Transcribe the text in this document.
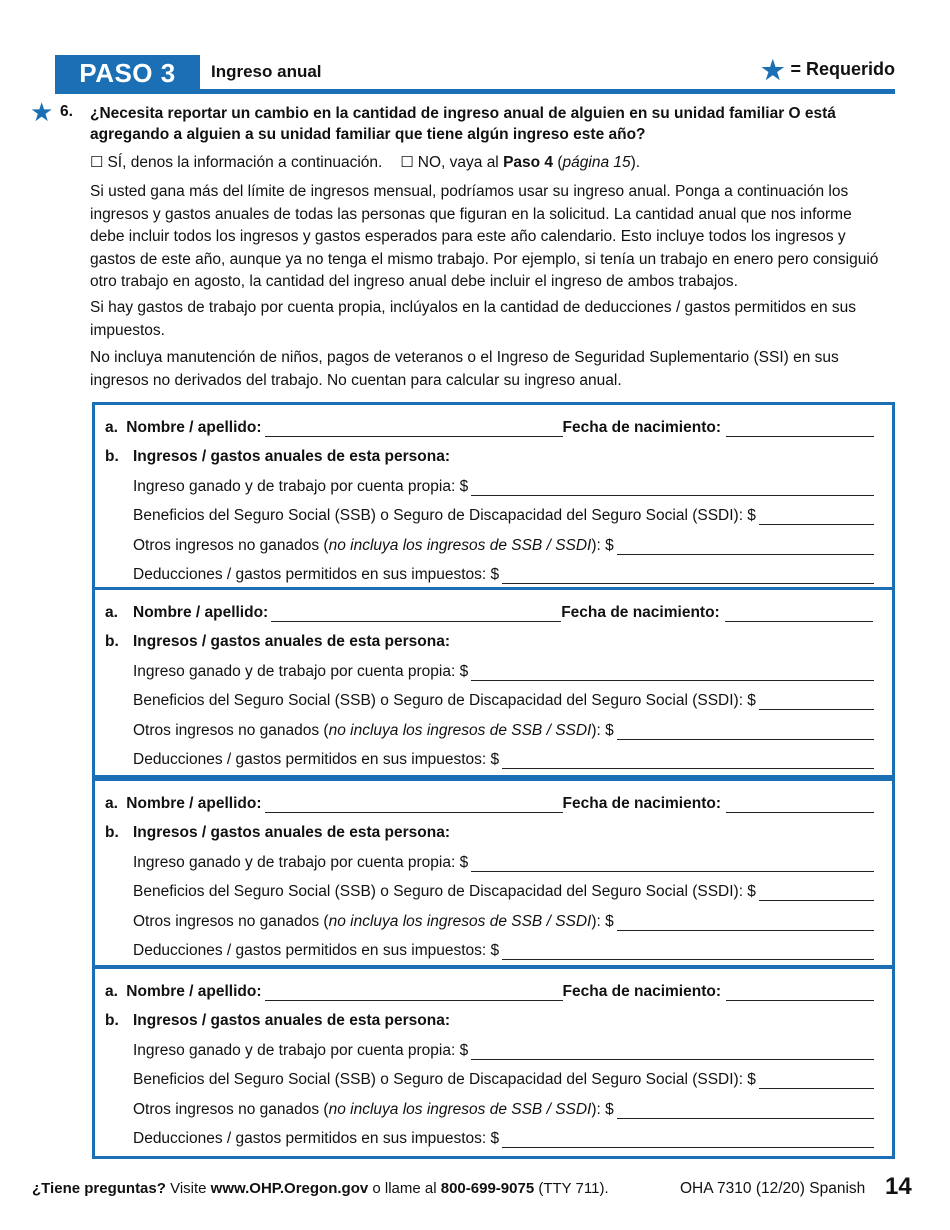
PASO 3	Ingreso anual	★ = Requerido
★ 6. ¿Necesita reportar un cambio en la cantidad de ingreso anual de alguien en su unidad familiar O está agregando a alguien a su unidad familiar que tiene algún ingreso este año?
☐ SÍ, denos la información a continuación. ☐ NO, vaya al Paso 4 (página 15).
Si usted gana más del límite de ingresos mensual, podríamos usar su ingreso anual. Ponga a continuación los ingresos y gastos anuales de todas las personas que figuran en la solicitud. La cantidad anual que nos informe debe incluir todos los ingresos y gastos esperados para este año calendario. Esto incluye todos los ingresos y gastos de este año, aunque ya no tenga el mismo trabajo. Por ejemplo, si tenía un trabajo en enero pero consiguió otro trabajo en agosto, la cantidad del ingreso anual debe incluir el ingreso de ambos trabajos.
Si hay gastos de trabajo por cuenta propia, inclúyalos en la cantidad de deducciones / gastos permitidos en sus impuestos.
No incluya manutención de niños, pagos de veteranos o el Ingreso de Seguridad Suplementario (SSI) en sus ingresos no derivados del trabajo. No cuentan para calcular su ingreso anual.
a. Nombre / apellido:	Fecha de nacimiento:
b. Ingresos / gastos anuales de esta persona:
Ingreso ganado y de trabajo por cuenta propia: $
Beneficios del Seguro Social (SSB) o Seguro de Discapacidad del Seguro Social (SSDI): $
Otros ingresos no ganados (no incluya los ingresos de SSB / SSDI): $
Deducciones / gastos permitidos en sus impuestos: $
a. Nombre / apellido:	Fecha de nacimiento:
b. Ingresos / gastos anuales de esta persona:
Ingreso ganado y de trabajo por cuenta propia: $
Beneficios del Seguro Social (SSB) o Seguro de Discapacidad del Seguro Social (SSDI): $
Otros ingresos no ganados (no incluya los ingresos de SSB / SSDI): $
Deducciones / gastos permitidos en sus impuestos: $
a. Nombre / apellido:	Fecha de nacimiento:
b. Ingresos / gastos anuales de esta persona:
Ingreso ganado y de trabajo por cuenta propia: $
Beneficios del Seguro Social (SSB) o Seguro de Discapacidad del Seguro Social (SSDI): $
Otros ingresos no ganados (no incluya los ingresos de SSB / SSDI): $
Deducciones / gastos permitidos en sus impuestos: $
a. Nombre / apellido:	Fecha de nacimiento:
b. Ingresos / gastos anuales de esta persona:
Ingreso ganado y de trabajo por cuenta propia: $
Beneficios del Seguro Social (SSB) o Seguro de Discapacidad del Seguro Social (SSDI): $
Otros ingresos no ganados (no incluya los ingresos de SSB / SSDI): $
Deducciones / gastos permitidos en sus impuestos: $
¿Tiene preguntas? Visite www.OHP.Oregon.gov o llame al 800-699-9075 (TTY 711).	OHA 7310 (12/20) Spanish 14
